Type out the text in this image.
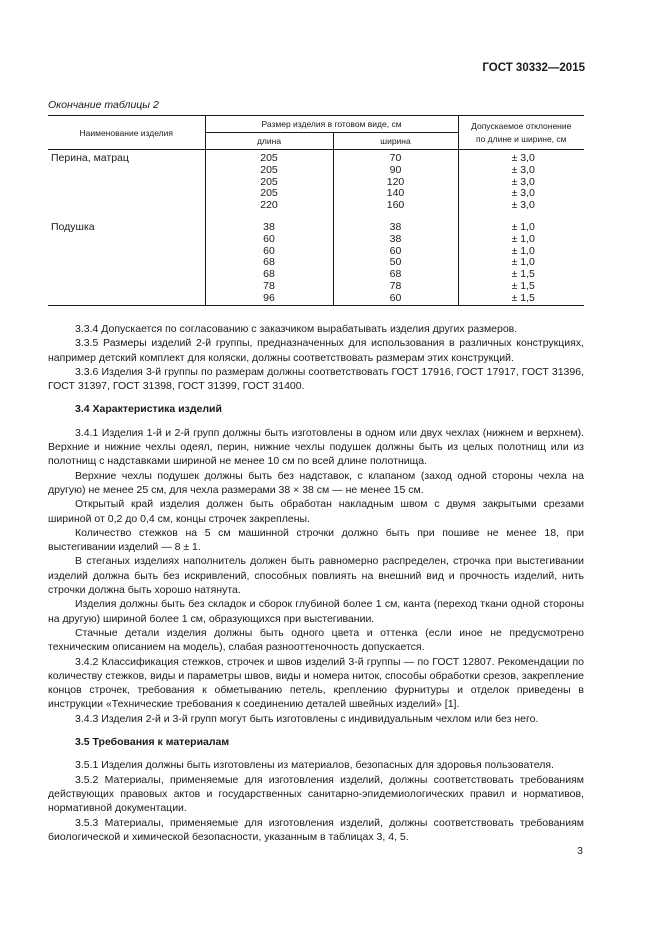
ГОСТ 30332—2015
Окончание таблицы 2
Наименование изделия	Размер изделия в готовом виде, см		Допускаемое отклонение
по длине и ширине, см
	длина	ширина	
Перина, матрац	205	70	± 3,0
	205	90	± 3,0
	205	120	± 3,0
	205	140	± 3,0
	220	160	± 3,0

Подушка	38	38	± 1,0
	60	38	± 1,0
	60	60	± 1,0
	68	50	± 1,0
	68	68	± 1,5
	78	78	± 1,5
	96	60	± 1,5

3.3.4 Допускается по согласованию с заказчиком вырабатывать изделия других размеров.

3.3.5 Размеры изделий 2-й группы, предназначенных для использования в различных конструкциях, например детский комплект для коляски, должны соответствовать размерам этих конструкций.

3.3.6 Изделия 3-й группы по размерам должны соответствовать ГОСТ 17916, ГОСТ 17917, ГОСТ 31396, ГОСТ 31397, ГОСТ 31398, ГОСТ 31399, ГОСТ 31400.

3.4 Характеристика изделий

3.4.1 Изделия 1-й и 2-й групп должны быть изготовлены в одном или двух чехлах (нижнем и верхнем). Верхние и нижние чехлы одеял, перин, нижние чехлы подушек должны быть из целых полотнищ или из полотнищ с надставками шириной не менее 10 см по всей длине полотнища.

Верхние чехлы подушек должны быть без надставок, с клапаном (заход одной стороны чехла на другую) не менее 25 см, для чехла размерами 38 × 38 см — не менее 15 см.

Открытый край изделия должен быть обработан накладным швом с двумя закрытыми срезами шириной от 0,2 до 0,4 см, концы строчек закреплены.

Количество стежков на 5 см машинной строчки должно быть при пошиве не менее 18, при выстегивании изделий — 8 ± 1.

В стеганых изделиях наполнитель должен быть равномерно распределен, строчка при выстегивании изделий должна быть без искривлений, способных повлиять на внешний вид и прочность изделий, нить строчки должна быть хорошо натянута.

Изделия должны быть без складок и сборок глубиной более 1 см, канта (переход ткани одной стороны на другую) шириной более 1 см, образующихся при выстегивании.

Стачные детали изделия должны быть одного цвета и оттенка (если иное не предусмотрено техническим описанием на модель), слабая разнооттеночность допускается.

3.4.2 Классификация стежков, строчек и швов изделий 3-й группы — по ГОСТ 12807. Рекомендации по количеству стежков, виды и параметры швов, виды и номера ниток, способы обработки срезов, закрепление концов строчек, требования к обметыванию петель, креплению фурнитуры и отделок приведены в инструкции «Технические требования к соединению деталей швейных изделий» [1].

3.4.3 Изделия 2-й и 3-й групп могут быть изготовлены с индивидуальным чехлом или без него.

3.5 Требования к материалам

3.5.1 Изделия должны быть изготовлены из материалов, безопасных для здоровья пользователя.

3.5.2 Материалы, применяемые для изготовления изделий, должны соответствовать требованиям действующих правовых актов и государственных санитарно-эпидемиологических правил и нормативов, нормативной документации.

3.5.3 Материалы, применяемые для изготовления изделий, должны соответствовать требованиям биологической и химической безопасности, указанным в таблицах 3, 4, 5.

3
